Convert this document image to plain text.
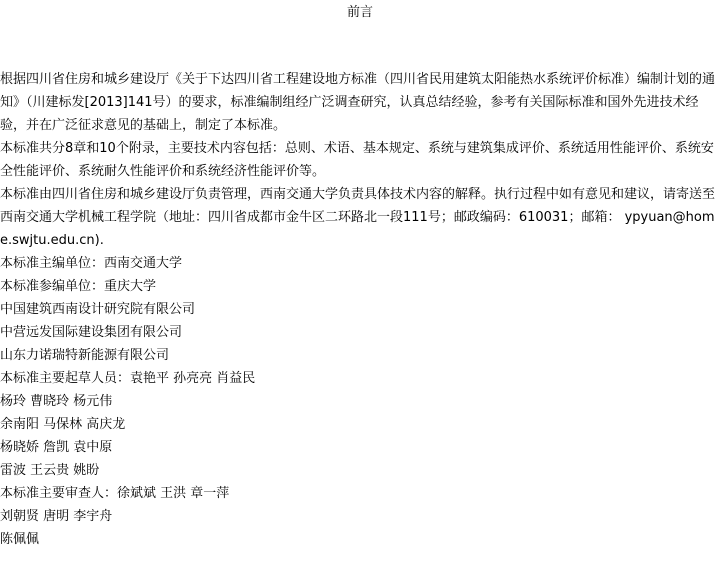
前言

根据四川省住房和城乡建设厅《关于下达四川省工程建设地方标准（四川省民用建筑太阳能热水系统评价标准）编制计划的通知》（川建标发[2013]141号）的要求，标准编制组经广泛调查研究，认真总结经验，参考有关国际标准和国外先进技术经验，并在广泛征求意见的基础上，制定了本标准。

本标准共分8章和10个附录，主要技术内容包括：总则、术语、基本规定、系统与建筑集成评价、系统适用性能评价、系统安全性能评价、系统耐久性能评价和系统经济性能评价等。

本标准由四川省住房和城乡建设厅负责管理，西南交通大学负责具体技术内容的解释。执行过程中如有意见和建议，请寄送至西南交通大学机械工程学院（地址：四川省成都市金牛区二环路北一段111号；邮政编码：610031；邮箱： ypyuan@home.swjtu.edu.cn).

本标准主编单位：西南交通大学

本标准参编单位：重庆大学

中国建筑西南设计研究院有限公司

中营远发国际建设集团有限公司

山东力诺瑞特新能源有限公司

本标准主要起草人员：袁艳平 孙亮亮 肖益民

杨玲 曹晓玲 杨元伟

余南阳 马保林 高庆龙

杨晓娇 詹凯 袁中原

雷波 王云贵 姚盼

本标准主要审查人：徐斌斌 王洪 章一萍

刘朝贤 唐明 李宇舟

陈佩佩
